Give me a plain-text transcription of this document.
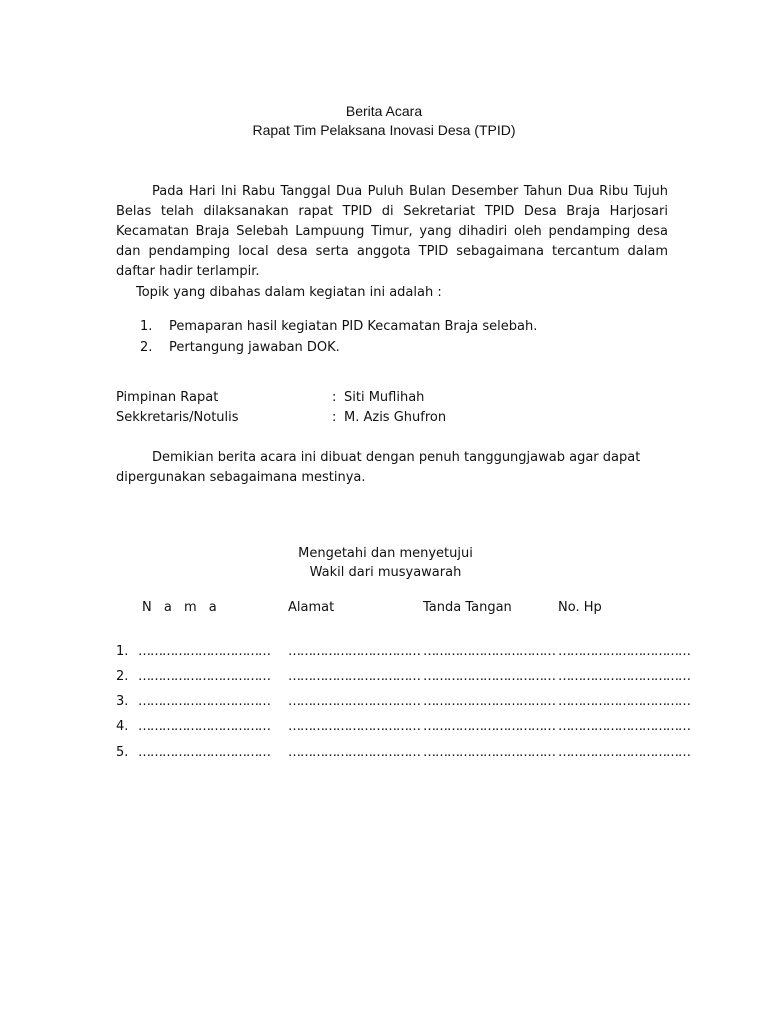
Berita Acara
Rapat Tim Pelaksana Inovasi Desa (TPID)
Pada Hari Ini Rabu Tanggal Dua Puluh Bulan Desember Tahun Dua Ribu Tujuh Belas telah dilaksanakan rapat TPID di Sekretariat TPID Desa Braja Harjosari Kecamatan Braja Selebah Lampuung Timur, yang dihadiri oleh pendamping desa dan pendamping local desa serta anggota TPID sebagaimana tercantum dalam daftar hadir terlampir.
Topik yang dibahas dalam kegiatan ini adalah :
1.	Pemaparan hasil kegiatan PID Kecamatan Braja selebah.
2.	Pertangung jawaban DOK.
Pimpinan Rapat	: Siti Muflihah
Sekkretaris/Notulis	: M. Azis Ghufron
Demikian berita acara ini dibuat dengan penuh tanggungjawab agar dapat dipergunakan sebagaimana mestinya.
Mengetahi dan menyetujui
Wakil dari musyawarah
N a m a	Alamat	Tanda Tangan	No. Hp
1. …………………………… …………………………… …………………………… ……………………………
2. …………………………… …………………………… …………………………… ……………………………
3. …………………………… …………………………… …………………………… ……………………………
4. …………………………… …………………………… …………………………… ……………………………
5. …………………………… …………………………… …………………………… ……………………………
